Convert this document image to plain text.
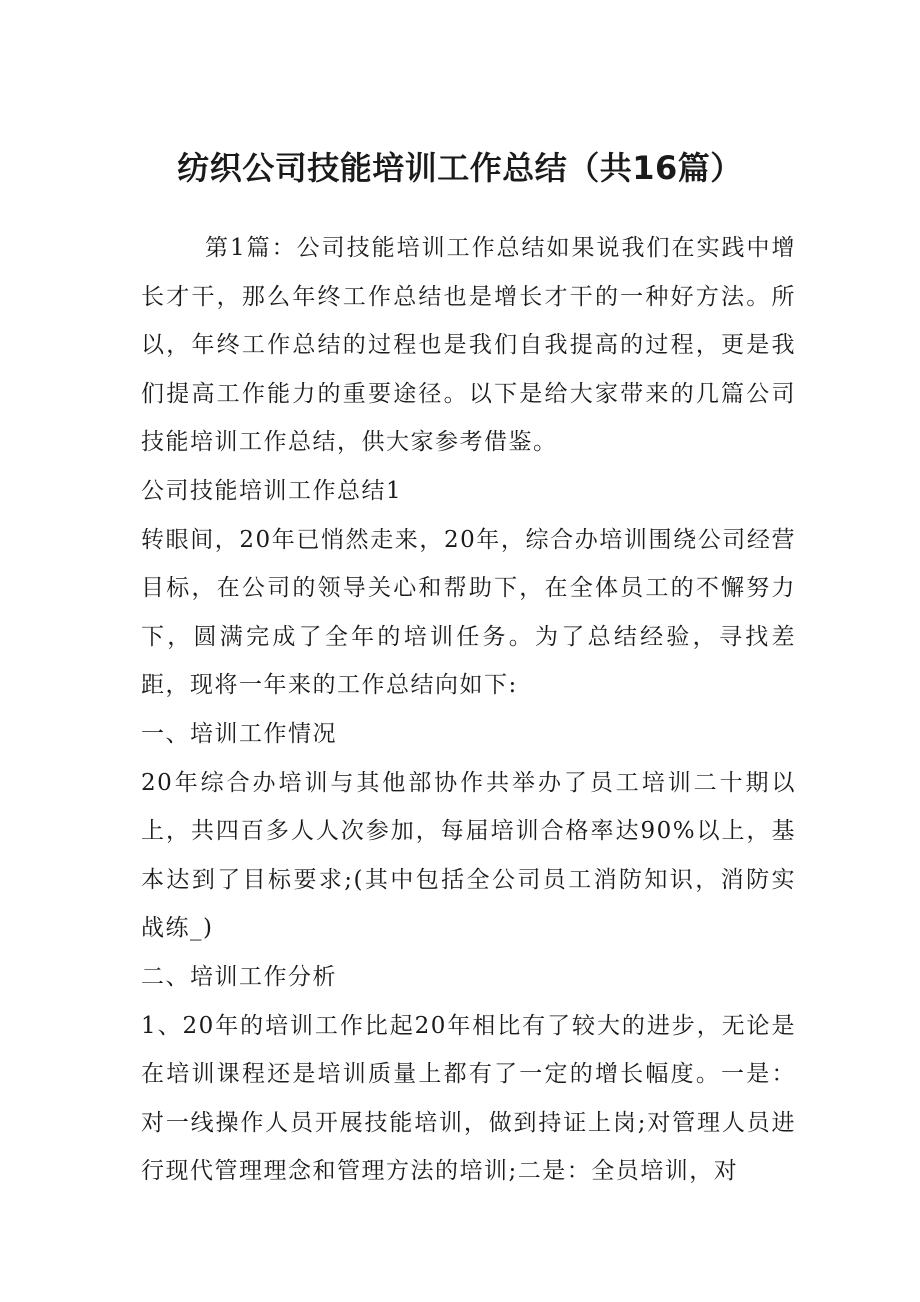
纺织公司技能培训工作总结（共16篇）

第1篇：公司技能培训工作总结如果说我们在实践中增长才干，那么年终工作总结也是增长才干的一种好方法。所以，年终工作总结的过程也是我们自我提高的过程，更是我们提高工作能力的重要途径。以下是给大家带来的几篇公司技能培训工作总结，供大家参考借鉴。

公司技能培训工作总结1

转眼间，20年已悄然走来，20年，综合办培训围绕公司经营目标，在公司的领导关心和帮助下，在全体员工的不懈努力下，圆满完成了全年的培训任务。为了总结经验，寻找差距，现将一年来的工作总结向如下:

一、培训工作情况

20年综合办培训与其他部协作共举办了员工培训二十期以上，共四百多人人次参加，每届培训合格率达90%以上，基本达到了目标要求;(其中包括全公司员工消防知识，消防实战练_)

二、培训工作分析

1、20年的培训工作比起20年相比有了较大的进步，无论是在培训课程还是培训质量上都有了一定的增长幅度。一是：对一线操作人员开展技能培训，做到持证上岗;对管理人员进行现代管理理念和管理方法的培训;二是：全员培训，对
